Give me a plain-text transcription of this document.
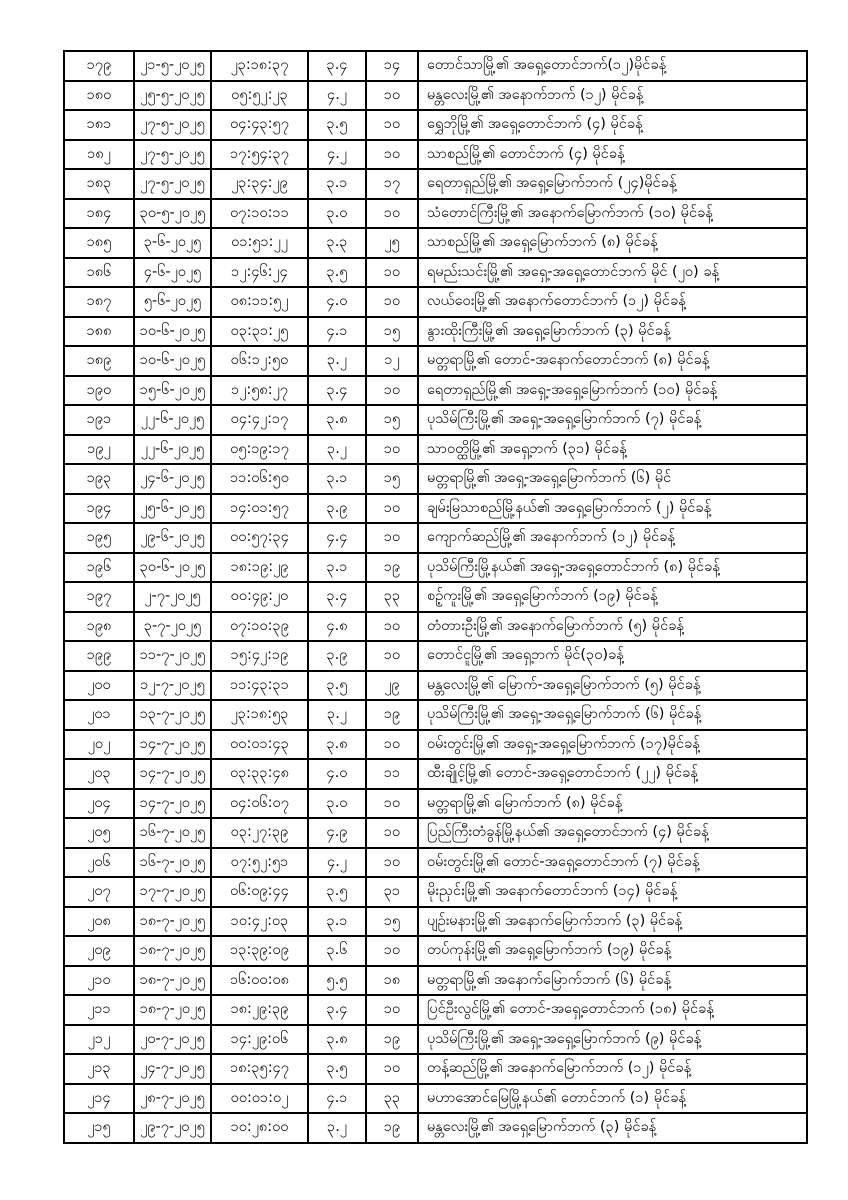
၁၇၉	၂၁-၅-၂၀၂၅	၂၃:၁၈:၃၇	၃.၄	၁၄	တောင်သာမြို့၏ အရှေ့တောင်ဘက်(၁၂)မိုင်ခန့်
၁၈၀	၂၅-၅-၂၀၂၅	၀၅:၅၂:၂၃	၄.၂	၁၀	မန္တလေးမြို့၏ အနောက်ဘက် (၁၂) မိုင်ခန့်
၁၈၁	၂၇-၅-၂၀၂၅	၀၄:၄၃:၅၇	၃.၅	၁၀	ရွှေဘိုမြို့၏ အရှေ့တောင်ဘက် (၄) မိုင်ခန့်
၁၈၂	၂၇-၅-၂၀၂၅	၁၇:၅၄:၃၇	၄.၂	၁၀	သာစည်မြို့၏ တောင်ဘက် (၄) မိုင်ခန့်
၁၈၃	၂၇-၅-၂၀၂၅	၂၃:၃၄:၂၉	၃.၁	၁၇	ရေတာရှည်မြို့၏ အရှေ့မြောက်ဘက် (၂၄)မိုင်ခန့်
၁၈၄	၃၀-၅-၂၀၂၅	၀၇:၁၀:၁၁	၃.၀	၁၀	သံတောင်ကြီးမြို့၏ အနောက်မြောက်ဘက် (၁၀) မိုင်ခန့်
၁၈၅	၃-၆-၂၀၂၅	၀၁:၅၁:၂၂	၃.၃	၂၅	သာစည်မြို့၏ အရှေ့မြောက်ဘက် (၈) မိုင်ခန့်
၁၈၆	၄-၆-၂၀၂၅	၁၂:၄၆:၂၄	၃.၅	၁၀	ရမည်းသင်းမြို့၏ အရှေ့-အရှေ့တောင်ဘက် မိုင် (၂၀) ခန့်
၁၈၇	၅-၆-၂၀၂၅	၀၈:၁၁:၅၂	၄.၀	၁၀	လယ်ဝေးမြို့၏ အနောက်တောင်ဘက် (၁၂) မိုင်ခန့်
၁၈၈	၁၀-၆-၂၀၂၅	၀၃:၃၁:၂၅	၄.၁	၁၅	နွားထိုးကြီးမြို့၏ အရှေ့မြောက်ဘက် (၃) မိုင်ခန့်
၁၈၉	၁၀-၆-၂၀၂၅	၀၆:၁၂:၅၀	၃.၂	၁၂	မတ္တရာမြို့၏ တောင်-အနောက်တောင်ဘက် (၈) မိုင်ခန့်
၁၉၀	၁၅-၆-၂၀၂၅	၁၂:၅၈:၂၇	၃.၄	၁၀	ရေတာရှည်မြို့၏ အရှေ့-အရှေ့မြောက်ဘက် (၁၀) မိုင်ခန့်
၁၉၁	၂၂-၆-၂၀၂၅	၀၄:၄၂:၁၇	၃.၈	၁၅	ပုသိမ်ကြီးမြို့၏ အရှေ့-အရှေ့မြောက်ဘက် (၇) မိုင်ခန့်
၁၉၂	၂၂-၆-၂၀၂၅	၀၅:၁၉:၁၇	၃.၂	၁၀	သာဝတ္ထိမြို့၏ အရှေ့ဘက် (၃၁) မိုင်ခန့်
၁၉၃	၂၄-၆-၂၀၂၅	၁၁:၀၆:၅၀	၃.၁	၁၅	မတ္တရာမြို့၏ အရှေ့-အရှေ့မြောက်ဘက် (၆) မိုင်
၁၉၄	၂၅-၆-၂၀၂၅	၁၄:၀၁:၅၇	၃.၉	၁၀	ချမ်းမြသာစည်မြို့နယ်၏ အရှေ့မြောက်ဘက် (၂) မိုင်ခန့်
၁၉၅	၂၉-၆-၂၀၂၅	၀၀:၅၇:၃၄	၄.၄	၁၀	ကျောက်ဆည်မြို့၏ အနောက်ဘက် (၁၂) မိုင်ခန့်
၁၉၆	၃၀-၆-၂၀၂၅	၁၈:၁၉:၂၉	၃.၁	၁၉	ပုသိမ်ကြီးမြို့နယ်၏ အရှေ့-အရှေ့တောင်ဘက် (၈) မိုင်ခန့်
၁၉၇	၂-၇-၂၀၂၅	၀၀:၄၉:၂၀	၃.၄	၃၃	စဉ့်ကူးမြို့၏ အရှေ့မြောက်ဘက် (၁၉) မိုင်ခန့်
၁၉၈	၃-၇-၂၀၂၅	၀၇:၁၀:၃၉	၄.၈	၁၀	တံတားဦးမြို့၏ အနောက်မြောက်ဘက် (၅) မိုင်ခန့်
၁၉၉	၁၁-၇-၂၀၂၅	၁၅:၄၂:၁၉	၃.၉	၁၀	တောင်ငူမြို့၏ အရှေ့ဘက် မိုင်(၃၀)ခန့်
၂၀၀	၁၂-၇-၂၀၂၅	၁၁:၄၃:၃၁	၃.၅	၂၉	မန္တလေးမြို့၏ မြောက်-အရှေ့မြောက်ဘက် (၅) မိုင်ခန့်
၂၀၁	၁၃-၇-၂၀၂၅	၂၃:၁၈:၅၃	၃.၂	၁၉	ပုသိမ်ကြီးမြို့၏ အရှေ့-အရှေ့မြောက်ဘက် (၆) မိုင်ခန့်
၂၀၂	၁၄-၇-၂၀၂၅	၀၀:၀၁:၄၃	၃.၈	၁၀	ဝမ်းတွင်းမြို့၏ အရှေ့-အရှေ့မြောက်ဘက် (၁၇)မိုင်ခန့်
၂၀၃	၁၄-၇-၂၀၂၅	၀၃:၃၃:၄၈	၄.၀	၁၁	ထီးချိုင့်မြို့၏ တောင်-အရှေ့တောင်ဘက် (၂၂) မိုင်ခန့်
၂၀၄	၁၄-၇-၂၀၂၅	၀၄:၀၆:၀၇	၃.၀	၁၀	မတ္တရာမြို့၏ မြောက်ဘက် (၈) မိုင်ခန့်
၂၀၅	၁၆-၇-၂၀၂၅	၀၃:၂၇:၃၉	၄.၉	၁၀	ပြည်ကြီးတံခွန်မြို့နယ်၏ အရှေ့တောင်ဘက် (၄) မိုင်ခန့်
၂၀၆	၁၆-၇-၂၀၂၅	၀၇:၅၂:၅၁	၄.၂	၁၀	ဝမ်းတွင်းမြို့၏ တောင်-အရှေ့တောင်ဘက် (၇) မိုင်ခန့်
၂၀၇	၁၇-၇-၂၀၂၅	၀၆:၀၉:၄၄	၃.၅	၃၁	မိုးညှင်းမြို့၏ အနောက်တောင်ဘက် (၁၄) မိုင်ခန့်
၂၀၈	၁၈-၇-၂၀၂၅	၁၀:၄၂:၀၃	၃.၁	၁၅	ပျဉ်းမနားမြို့၏ အနောက်မြောက်ဘက် (၃) မိုင်ခန့်
၂၀၉	၁၈-၇-၂၀၂၅	၁၃:၃၉:၀၉	၃.၆	၁၀	တပ်ကုန်းမြို့၏ အရှေ့မြောက်ဘက် (၁၉) မိုင်ခန့်
၂၁၀	၁၈-၇-၂၀၂၅	၁၆:၀၀:၀၈	၅.၅	၁၈	မတ္တရာမြို့၏ အနောက်မြောက်ဘက် (၆) မိုင်ခန့်
၂၁၁	၁၈-၇-၂၀၂၅	၁၈:၂၉:၃၉	၃.၄	၁၀	ပြင်ဦးလွင်မြို့၏ တောင်-အရှေ့တောင်ဘက် (၁၈) မိုင်ခန့်
၂၁၂	၂၀-၇-၂၀၂၅	၁၄:၂၉:၀၆	၃.၈	၁၉	ပုသိမ်ကြီးမြို့၏ အရှေ့-အရှေ့မြောက်ဘက် (၉) မိုင်ခန့်
၂၁၃	၂၄-၇-၂၀၂၅	၁၈:၃၅:၄၇	၃.၅	၁၀	တန့်ဆည်မြို့၏ အနောက်မြောက်ဘက် (၁၂) မိုင်ခန့်
၂၁၄	၂၈-၇-၂၀၂၅	၀၀:၀၁:၀၂	၄.၁	၃၃	မဟာအောင်မြေမြို့နယ်၏ တောင်ဘက် (၁) မိုင်ခန့်
၂၁၅	၂၉-၇-၂၀၂၅	၁၀:၂၈:၀၀	၃.၂	၁၉	မန္တလေးမြို့၏ အရှေ့မြောက်ဘက် (၃) မိုင်ခန့်
